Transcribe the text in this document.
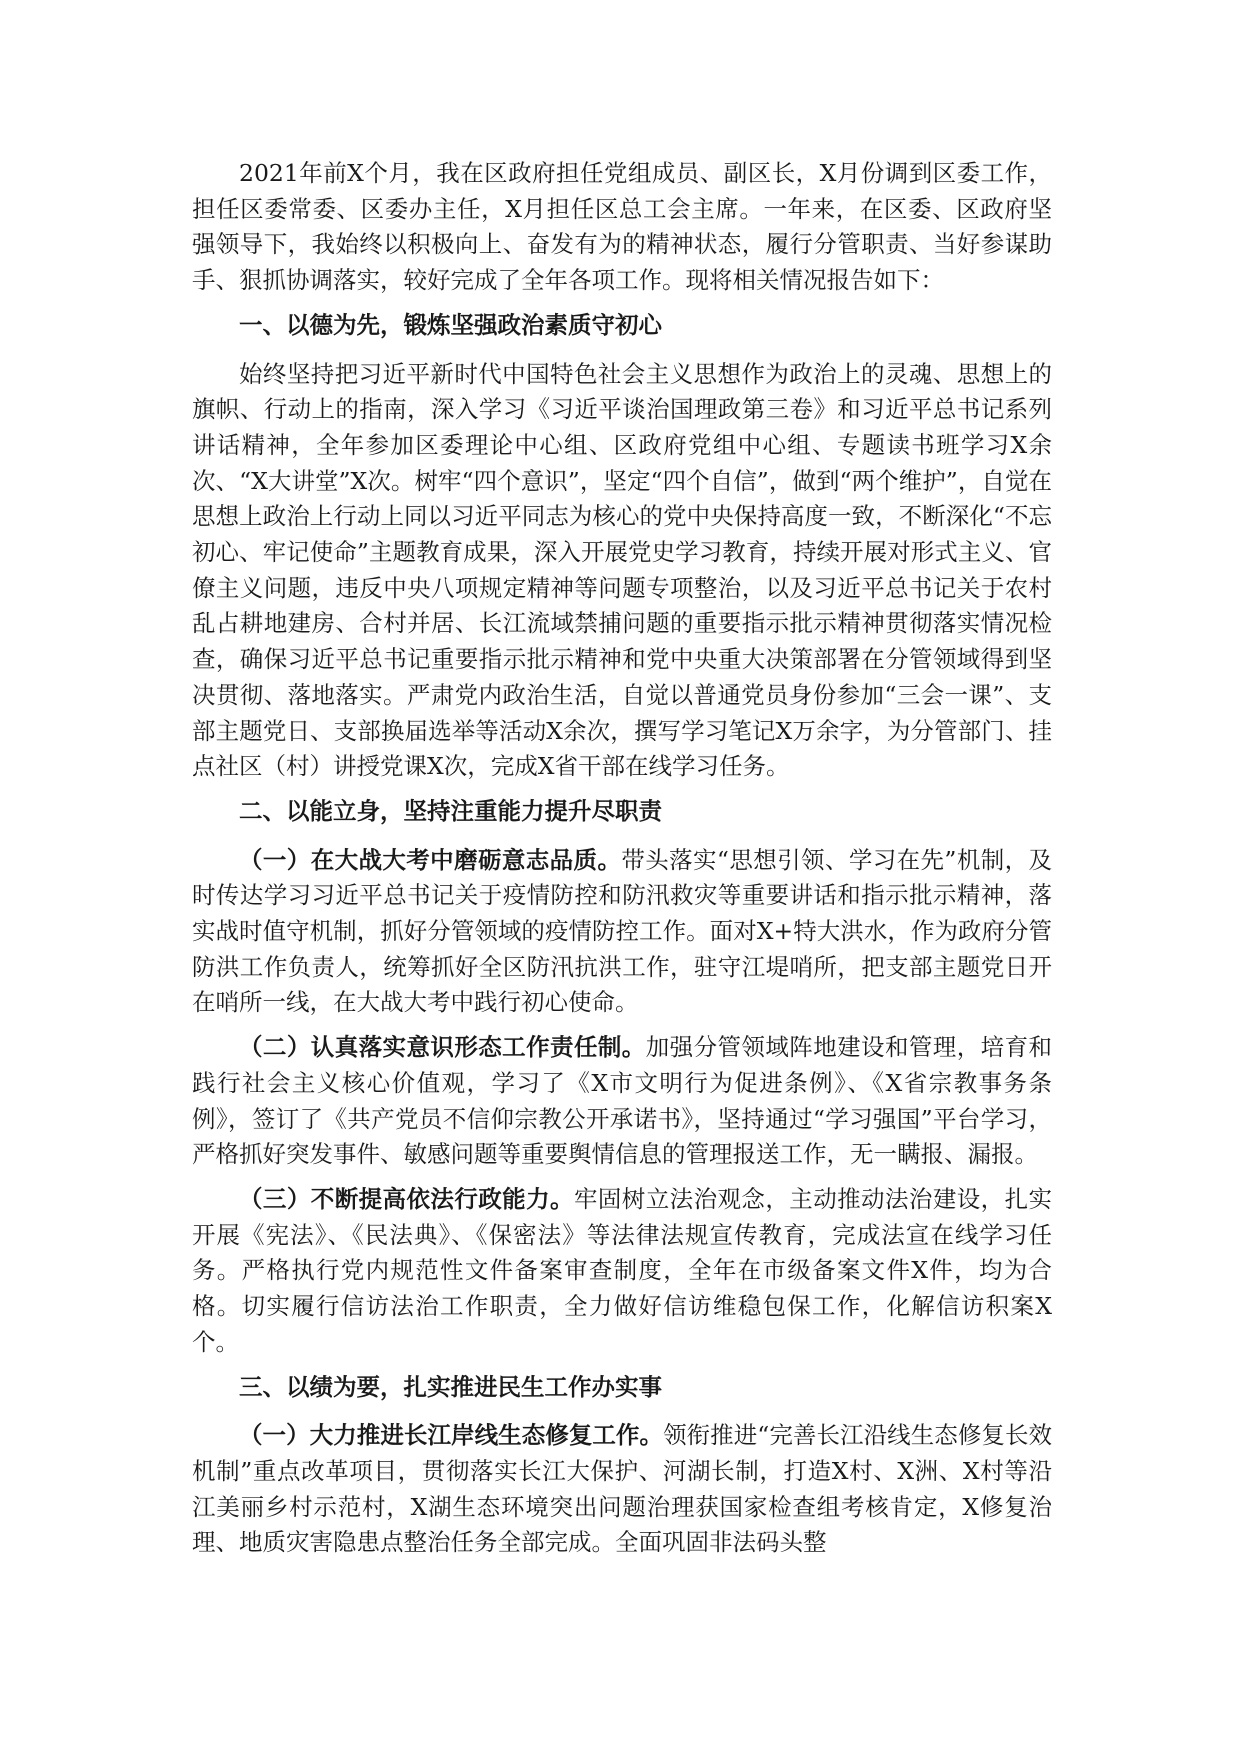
2021年前X个月，我在区政府担任党组成员、副区长，X月份调到区委工作，担任区委常委、区委办主任，X月担任区总工会主席。一年来，在区委、区政府坚强领导下，我始终以积极向上、奋发有为的精神状态，履行分管职责、当好参谋助手、狠抓协调落实，较好完成了全年各项工作。现将相关情况报告如下：

一、以德为先，锻炼坚强政治素质守初心

始终坚持把习近平新时代中国特色社会主义思想作为政治上的灵魂、思想上的旗帜、行动上的指南，深入学习《习近平谈治国理政第三卷》和习近平总书记系列讲话精神，全年参加区委理论中心组、区政府党组中心组、专题读书班学习X余次、“X大讲堂”X次。树牢“四个意识”，坚定“四个自信”，做到“两个维护”，自觉在思想上政治上行动上同以习近平同志为核心的党中央保持高度一致，不断深化“不忘初心、牢记使命”主题教育成果，深入开展党史学习教育，持续开展对形式主义、官僚主义问题，违反中央八项规定精神等问题专项整治，以及习近平总书记关于农村乱占耕地建房、合村并居、长江流域禁捕问题的重要指示批示精神贯彻落实情况检查，确保习近平总书记重要指示批示精神和党中央重大决策部署在分管领域得到坚决贯彻、落地落实。严肃党内政治生活，自觉以普通党员身份参加“三会一课”、支部主题党日、支部换届选举等活动X余次，撰写学习笔记X万余字，为分管部门、挂点社区（村）讲授党课X次，完成X省干部在线学习任务。

二、以能立身，坚持注重能力提升尽职责

（一）在大战大考中磨砺意志品质。带头落实“思想引领、学习在先”机制，及时传达学习习近平总书记关于疫情防控和防汛救灾等重要讲话和指示批示精神，落实战时值守机制，抓好分管领域的疫情防控工作。面对X+特大洪水，作为政府分管防洪工作负责人，统筹抓好全区防汛抗洪工作，驻守江堤哨所，把支部主题党日开在哨所一线，在大战大考中践行初心使命。

（二）认真落实意识形态工作责任制。加强分管领域阵地建设和管理，培育和践行社会主义核心价值观，学习了《X市文明行为促进条例》、《X省宗教事务条例》，签订了《共产党员不信仰宗教公开承诺书》，坚持通过“学习强国”平台学习，严格抓好突发事件、敏感问题等重要舆情信息的管理报送工作，无一瞒报、漏报。

（三）不断提高依法行政能力。牢固树立法治观念，主动推动法治建设，扎实开展《宪法》、《民法典》、《保密法》等法律法规宣传教育，完成法宣在线学习任务。严格执行党内规范性文件备案审查制度，全年在市级备案文件X件，均为合格。切实履行信访法治工作职责，全力做好信访维稳包保工作，化解信访积案X个。

三、以绩为要，扎实推进民生工作办实事

（一）大力推进长江岸线生态修复工作。领衔推进“完善长江沿线生态修复长效机制”重点改革项目，贯彻落实长江大保护、河湖长制，打造X村、X洲、X村等沿江美丽乡村示范村，X湖生态环境突出问题治理获国家检查组考核肯定，X修复治理、地质灾害隐患点整治任务全部完成。全面巩固非法码头整
